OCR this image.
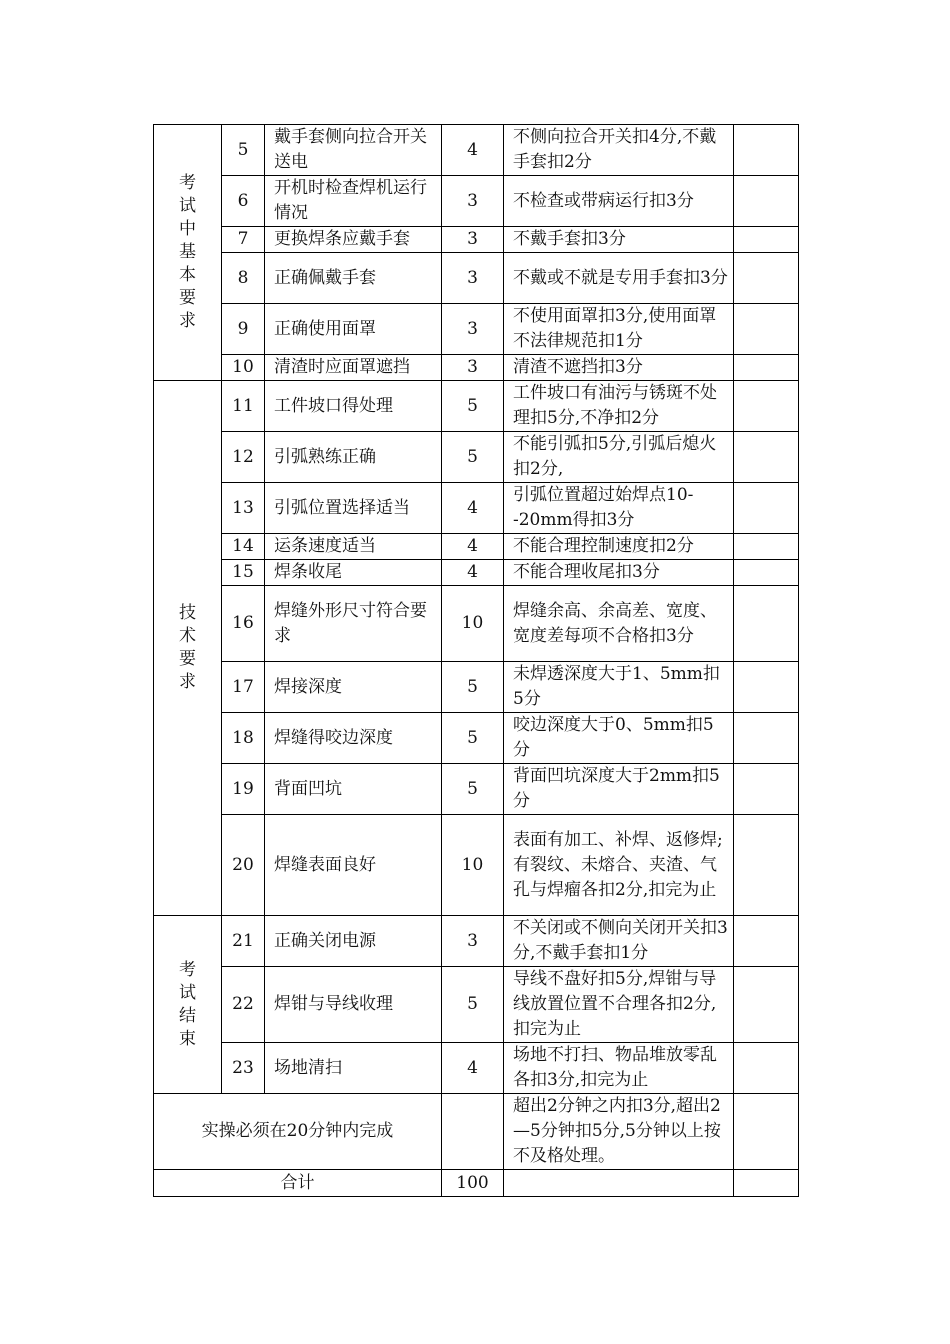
考试中基本要求	5	戴手套侧向拉合开关送电	4	不侧向拉合开关扣4分,不戴手套扣2分	
	6	开机时检查焊机运行情况	3	不检查或带病运行扣3分	
	7	更换焊条应戴手套	3	不戴手套扣3分	
	8	正确佩戴手套	3	不戴或不就是专用手套扣3分	
	9	正确使用面罩	3	不使用面罩扣3分,使用面罩不法律规范扣1分	
	10	清渣时应面罩遮挡	3	清渣不遮挡扣3分	

技术要求	11	工件坡口得处理	5	工件坡口有油污与锈斑不处理扣5分,不净扣2分	
	12	引弧熟练正确	5	不能引弧扣5分,引弧后熄火扣2分,	
	13	引弧位置选择适当	4	引弧位置超过始焊点10--20mm得扣3分	
	14	运条速度适当	4	不能合理控制速度扣2分	
	15	焊条收尾	4	不能合理收尾扣3分	
	16	焊缝外形尺寸符合要求	10	焊缝余高、余高差、宽度、宽度差每项不合格扣3分	
	17	焊接深度	5	未焊透深度大于1、5mm扣5分	
	18	焊缝得咬边深度	5	咬边深度大于0、5mm扣5分	
	19	背面凹坑	5	背面凹坑深度大于2mm扣5分	
	20	焊缝表面良好	10	表面有加工、补焊、返修焊;有裂纹、未熔合、夹渣、气孔与焊瘤各扣2分,扣完为止	

考试结束	21	正确关闭电源	3	不关闭或不侧向关闭开关扣3分,不戴手套扣1分	
	22	焊钳与导线收理	5	导线不盘好扣5分,焊钳与导线放置位置不合理各扣2分,扣完为止	
	23	场地清扫	4	场地不打扫、物品堆放零乱各扣3分,扣完为止	
实操必须在20分钟内完成				超出2分钟之内扣3分,超出2—5分钟扣5分,5分钟以上按不及格处理。	
合计			100		
